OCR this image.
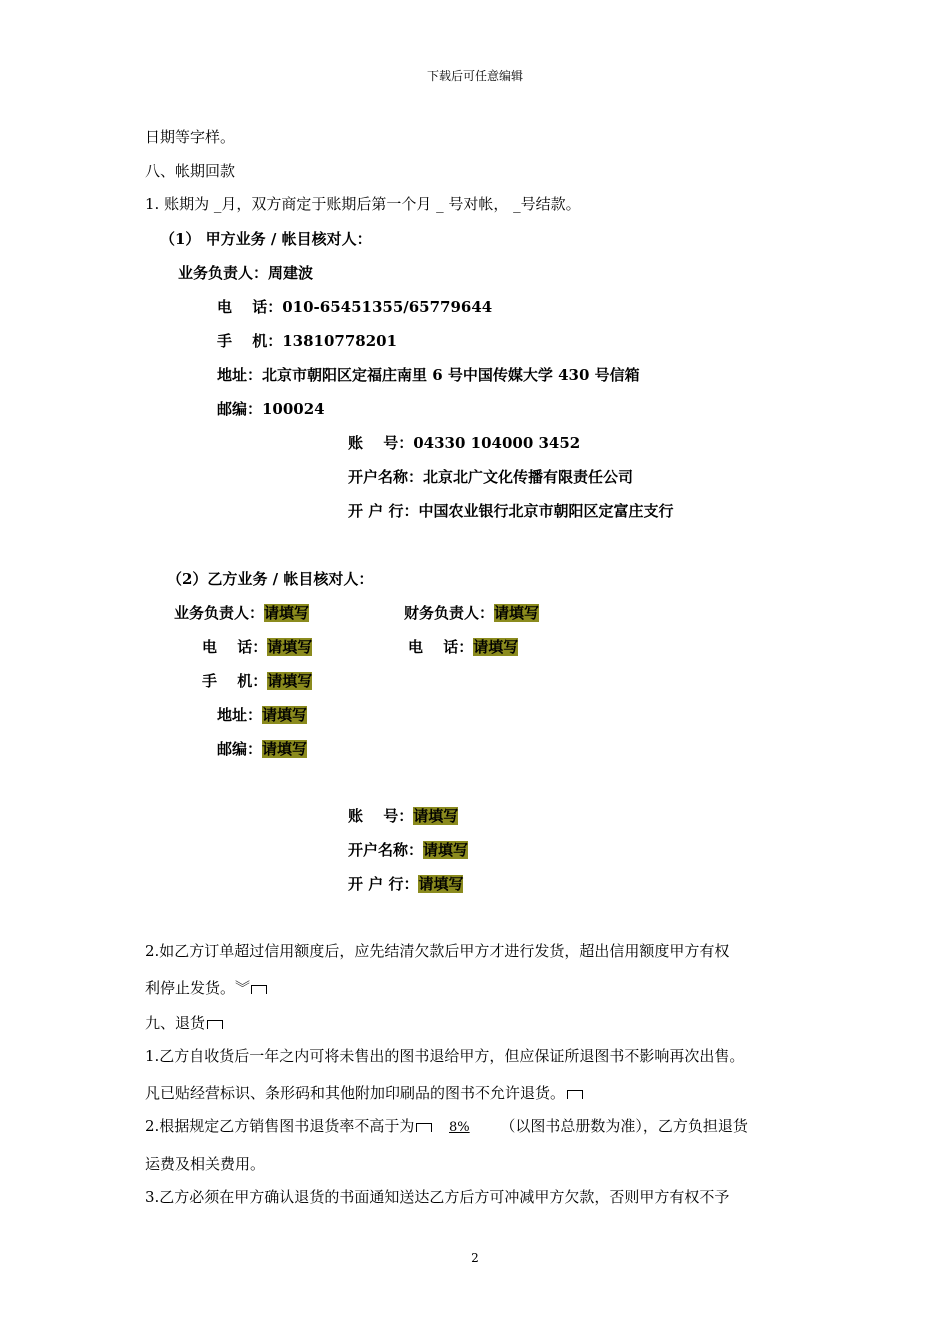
下载后可任意编辑
日期等字样。
八、帐期回款
1. 账期为 _月，双方商定于账期后第一个月 _ 号对帐， _号结款。
（1） 甲方业务 / 帐目核对人：
业务负责人：周建波
电　 话：010-65451355/65779644
手　 机：13810778201
地址：北京市朝阳区定福庄南里 6 号中国传媒大学 430 号信箱
邮编：100024
账　 号：04330 104000 3452
开户名称：北京北广文化传播有限责任公司
开 户 行：中国农业银行北京市朝阳区定富庄支行
（2）乙方业务 / 帐目核对人：
业务负责人：请填写	财务负责人：请填写
电　 话：请填写	电　 话：请填写
手　 机：请填写
地址：请填写
邮编：请填写
账　 号：请填写
开户名称：请填写
开 户 行：请填写
2.如乙方订单超过信用额度后，应先结清欠款后甲方才进行发货，超出信用额度甲方有权
利停止发货。︾
九、退货
1.乙方自收货后一年之内可将未售出的图书退给甲方，但应保证所退图书不影响再次出售。
凡已贴经营标识、条形码和其他附加印刷品的图书不允许退货。
2.根据规定乙方销售图书退货率不高于为	8% （以图书总册数为准），乙方负担退货
运费及相关费用。
3.乙方必须在甲方确认退货的书面通知送达乙方后方可冲减甲方欠款，否则甲方有权不予
2
